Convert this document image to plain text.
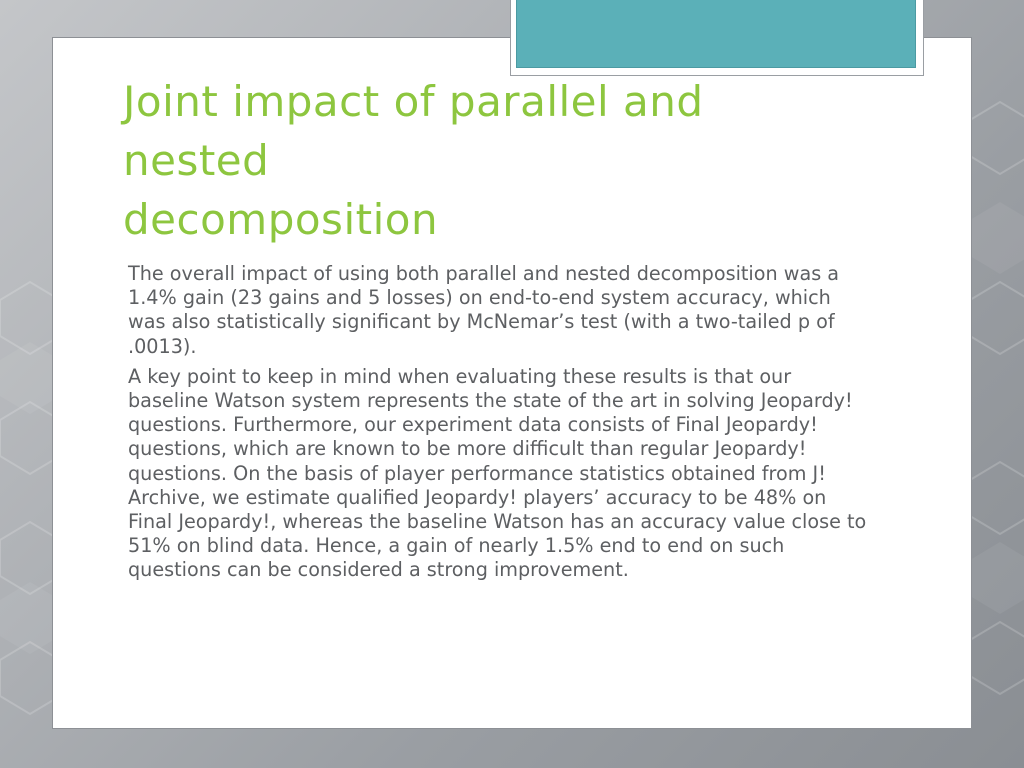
Joint impact of parallel and
nested
decomposition

The overall impact of using both parallel and nested decomposition was a 1.4% gain (23 gains and 5 losses) on end-to-end system accuracy, which was also statistically significant by McNemar’s test (with a two-tailed p of .0013).

A key point to keep in mind when evaluating these results is that our baseline Watson system represents the state of the art in solving Jeopardy! questions. Furthermore, our experiment data consists of Final Jeopardy! questions, which are known to be more difficult than regular Jeopardy! questions. On the basis of player performance statistics obtained from J! Archive, we estimate qualified Jeopardy! players’ accuracy to be 48% on Final Jeopardy!, whereas the baseline Watson has an accuracy value close to 51% on blind data. Hence, a gain of nearly 1.5% end to end on such questions can be considered a strong improvement.
